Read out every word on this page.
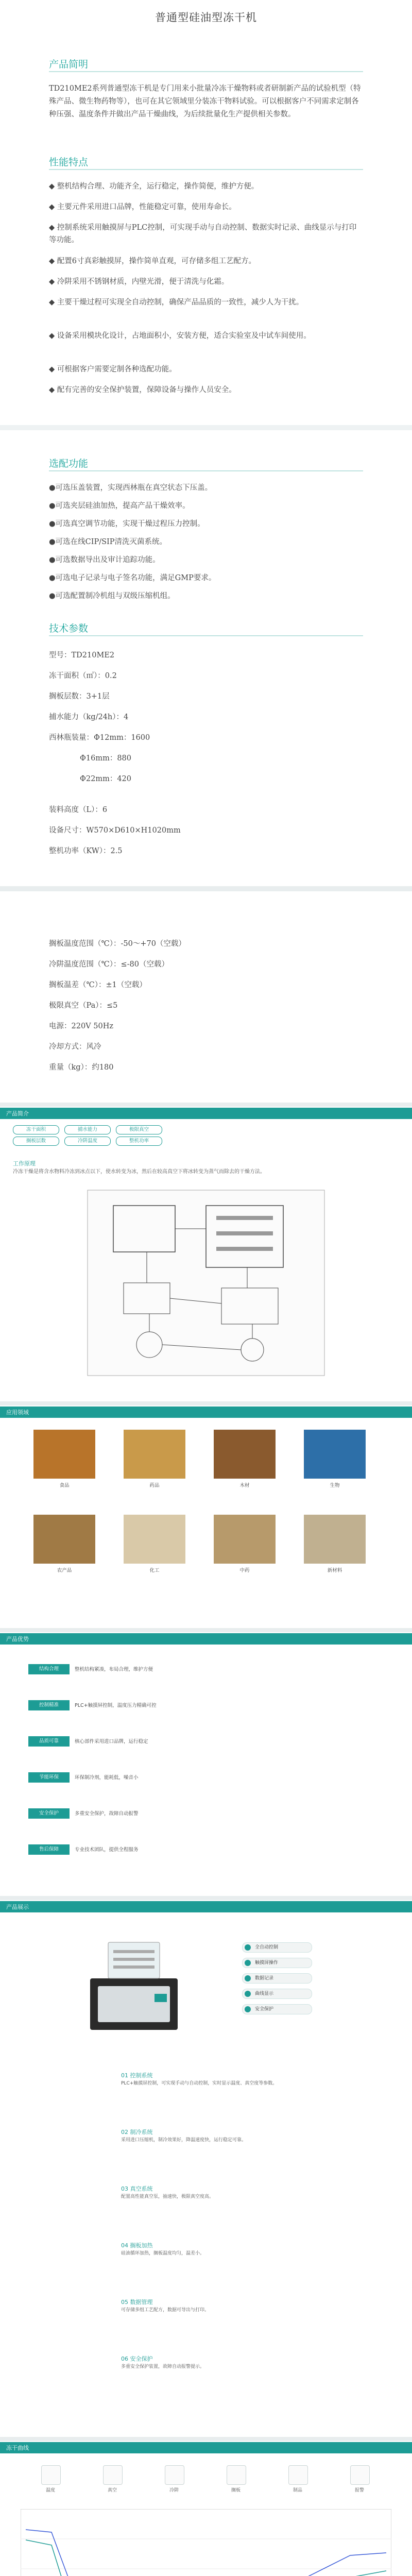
普通型硅油型冻干机
产品简明
TD210ME2系列普通型冻干机是专门用来小批量冷冻干燥物料或者研制新产品的试验机型（特殊产品、微生物药物等），也可在其它领域里分装冻干物料试验。可以根据客户不同需求定制各种压强、温度条件并做出产品干燥曲线，为后续批量化生产提供相关参数。
性能特点
◆ 整机结构合理、功能齐全，运行稳定，操作简便，维护方便。
◆ 主要元件采用进口品牌，性能稳定可靠，使用寿命长。
◆ 控制系统采用触摸屏与PLC控制，可实现手动与自动控制、数据实时记录、曲线显示与打印等功能。
◆ 配置6寸真彩触摸屏，操作简单直观，可存储多组工艺配方。
◆ 冷阱采用不锈钢材质，内壁光滑，便于清洗与化霜。
◆ 主要干燥过程可实现全自动控制，确保产品品质的一致性，减少人为干扰。
◆ 设备采用模块化设计，占地面积小，安装方便，适合实验室及中试车间使用。
◆ 可根据客户需要定制各种选配功能。
◆ 配有完善的安全保护装置，保障设备与操作人员安全。
选配功能
●可选压盖装置，实现西林瓶在真空状态下压盖。
●可选夹层硅油加热，提高产品干燥效率。
●可选真空调节功能，实现干燥过程压力控制。
●可选在线CIP/SIP清洗灭菌系统。
●可选数据导出及审计追踪功能。
●可选电子记录与电子签名功能，满足GMP要求。
●可选配置制冷机组与双级压缩机组。
技术参数
型号：TD210ME2
冻干面积（㎡）：0.2
搁板层数：3+1层
捕水能力（kg/24h）：4
西林瓶装量：Φ12mm：1600
Φ16mm：880
Φ22mm：420
装料高度（L）：6
设备尺寸：W570×D610×H1020mm
整机功率（KW）：2.5
搁板温度范围（℃）：-50～+70（空载）
冷阱温度范围（℃）：≤-80（空载）
搁板温差（℃）：±1（空载）
极限真空（Pa）：≤5
电源：220V 50Hz
冷却方式：风冷
重量（kg）：约180
产品简介
冻干面积
搁板层数
捕水能力
冷阱温度
极限真空
整机功率
工作原理
冷冻干燥是将含水物料冷冻到冰点以下，使水转变为冰，然后在较高真空下将冰转变为蒸气而除去的干燥方法。
应用领域
食品	药品	木材	生物
农产品	化工	中药	新材料
产品优势
结构合理	整机结构紧凑，布局合理，维护方便
控制精准	PLC+触摸屏控制，温度压力精确可控
品质可靠	核心部件采用进口品牌，运行稳定
节能环保	环保制冷剂，能耗低，噪音小
安全保护	多重安全保护，故障自动报警
售后保障	专业技术团队，提供全程服务
产品展示
全自动控制
触摸屏操作
数据记录
曲线显示
安全保护
01 控制系统
PLC+触摸屏控制，可实现手动与自动控制，实时显示温度、真空度等参数。
02 制冷系统
采用进口压缩机，制冷效果好，降温速度快，运行稳定可靠。
03 真空系统
配置高性能真空泵，抽速快，极限真空度高。
04 搁板加热
硅油循环加热，搁板温度均匀，温差小。
05 数据管理
可存储多组工艺配方，数据可导出与打印。
06 安全保护
多重安全保护装置，故障自动报警提示。
冻干曲线
温度	真空	冷阱	搁板	制品	报警
